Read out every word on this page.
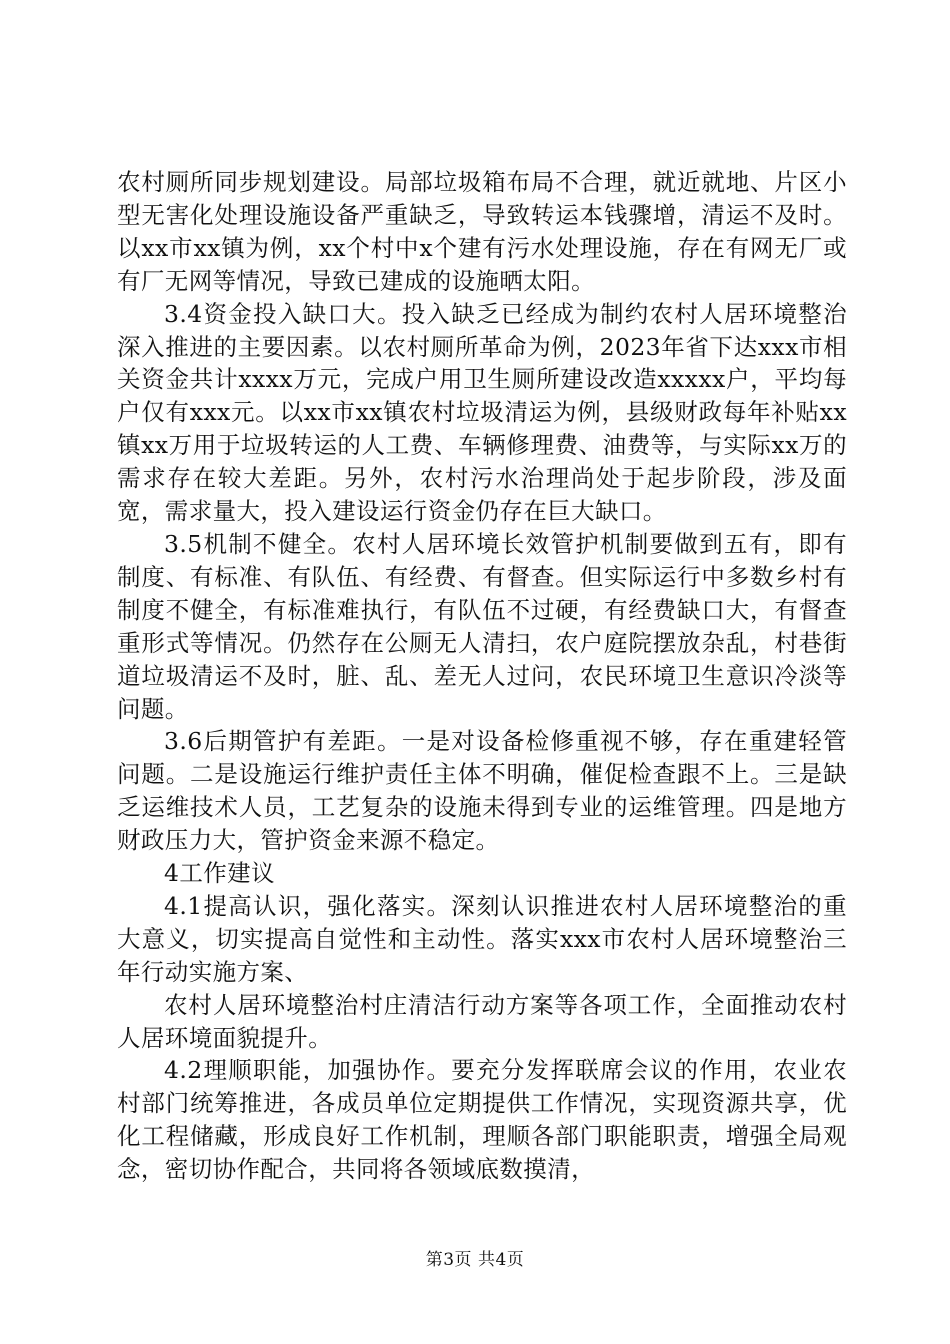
农村厕所同步规划建设。局部垃圾箱布局不合理，就近就地、片区小型无害化处理设施设备严重缺乏，导致转运本钱骤增，清运不及时。以xx市xx镇为例，xx个村中x个建有污水处理设施，存在有网无厂或有厂无网等情况，导致已建成的设施晒太阳。

3.4资金投入缺口大。投入缺乏已经成为制约农村人居环境整治深入推进的主要因素。以农村厕所革命为例，2023年省下达xxx市相关资金共计xxxx万元，完成户用卫生厕所建设改造xxxxx户，平均每户仅有xxx元。以xx市xx镇农村垃圾清运为例，县级财政每年补贴xx镇xx万用于垃圾转运的人工费、车辆修理费、油费等，与实际xx万的需求存在较大差距。另外，农村污水治理尚处于起步阶段，涉及面宽，需求量大，投入建设运行资金仍存在巨大缺口。

3.5机制不健全。农村人居环境长效管护机制要做到五有，即有制度、有标准、有队伍、有经费、有督查。但实际运行中多数乡村有制度不健全，有标准难执行，有队伍不过硬，有经费缺口大，有督查重形式等情况。仍然存在公厕无人清扫，农户庭院摆放杂乱，村巷街道垃圾清运不及时，脏、乱、差无人过问，农民环境卫生意识冷淡等问题。

3.6后期管护有差距。一是对设备检修重视不够，存在重建轻管问题。二是设施运行维护责任主体不明确，催促检查跟不上。三是缺乏运维技术人员，工艺复杂的设施未得到专业的运维管理。四是地方财政压力大，管护资金来源不稳定。

4工作建议

4.1提高认识，强化落实。深刻认识推进农村人居环境整治的重大意义，切实提高自觉性和主动性。落实xxx市农村人居环境整治三年行动实施方案、

农村人居环境整治村庄清洁行动方案等各项工作，全面推动农村人居环境面貌提升。

4.2理顺职能，加强协作。要充分发挥联席会议的作用，农业农村部门统筹推进，各成员单位定期提供工作情况，实现资源共享，优化工程储藏，形成良好工作机制，理顺各部门职能职责，增强全局观念，密切协作配合，共同将各领域底数摸清，

第3页 共4页
